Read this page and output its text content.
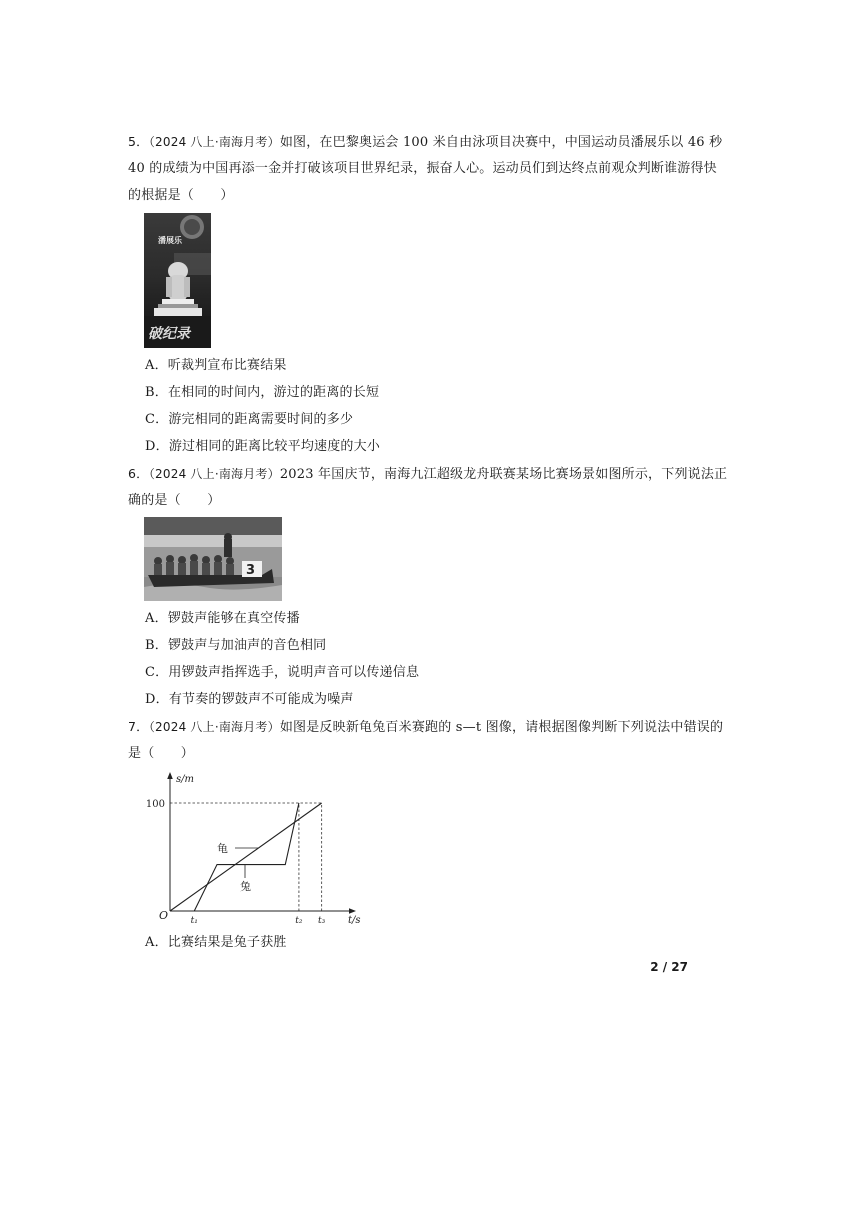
5．（2024 八上·南海月考）如图，在巴黎奥运会 100 米自由泳项目决赛中，中国运动员潘展乐以 46 秒
40 的成绩为中国再添一金并打破该项目世界纪录，振奋人心。运动员们到达终点前观众判断谁游得快
的根据是（　　）
潘展乐
破纪录
A．听裁判宣布比赛结果
B．在相同的时间内，游过的距离的长短
C．游完相同的距离需要时间的多少
D．游过相同的距离比较平均速度的大小
6．（2024 八上·南海月考）2023 年国庆节，南海九江超级龙舟联赛某场比赛场景如图所示，下列说法正
确的是（　　）
3
A．锣鼓声能够在真空传播
B．锣鼓声与加油声的音色相同
C．用锣鼓声指挥选手，说明声音可以传递信息
D．有节奏的锣鼓声不可能成为噪声
7．（2024 八上·南海月考）如图是反映新龟兔百米赛跑的 s—t 图像，请根据图像判断下列说法中错误的
是（　　）
s/m
t/s
O
100
t₁	t₂ t₃
龟
兔
A．比赛结果是兔子获胜
2 / 27
